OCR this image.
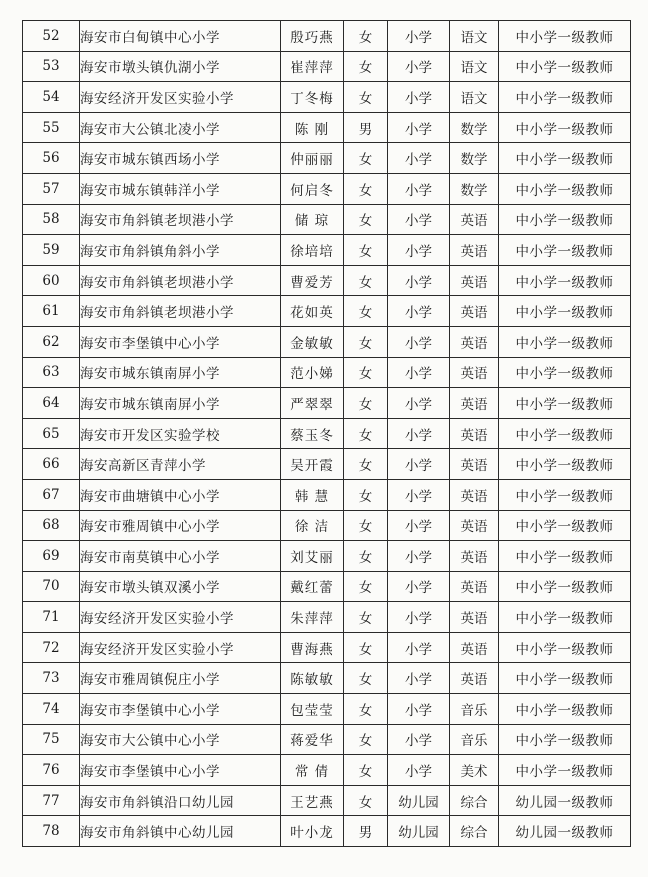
52	海安市白甸镇中心小学	殷巧燕	女	小学	语文	中小学一级教师
53	海安市墩头镇仇湖小学	崔萍萍	女	小学	语文	中小学一级教师
54	海安经济开发区实验小学	丁冬梅	女	小学	语文	中小学一级教师
55	海安市大公镇北凌小学	陈 刚	男	小学	数学	中小学一级教师
56	海安市城东镇西场小学	仲丽丽	女	小学	数学	中小学一级教师
57	海安市城东镇韩洋小学	何启冬	女	小学	数学	中小学一级教师
58	海安市角斜镇老坝港小学	储 琼	女	小学	英语	中小学一级教师
59	海安市角斜镇角斜小学	徐培培	女	小学	英语	中小学一级教师
60	海安市角斜镇老坝港小学	曹爱芳	女	小学	英语	中小学一级教师
61	海安市角斜镇老坝港小学	花如英	女	小学	英语	中小学一级教师
62	海安市李堡镇中心小学	金敏敏	女	小学	英语	中小学一级教师
63	海安市城东镇南屏小学	范小娣	女	小学	英语	中小学一级教师
64	海安市城东镇南屏小学	严翠翠	女	小学	英语	中小学一级教师
65	海安市开发区实验学校	蔡玉冬	女	小学	英语	中小学一级教师
66	海安高新区青萍小学	吴开霞	女	小学	英语	中小学一级教师
67	海安市曲塘镇中心小学	韩 慧	女	小学	英语	中小学一级教师
68	海安市雅周镇中心小学	徐 洁	女	小学	英语	中小学一级教师
69	海安市南莫镇中心小学	刘艾丽	女	小学	英语	中小学一级教师
70	海安市墩头镇双溪小学	戴红蕾	女	小学	英语	中小学一级教师
71	海安经济开发区实验小学	朱萍萍	女	小学	英语	中小学一级教师
72	海安经济开发区实验小学	曹海燕	女	小学	英语	中小学一级教师
73	海安市雅周镇倪庄小学	陈敏敏	女	小学	英语	中小学一级教师
74	海安市李堡镇中心小学	包莹莹	女	小学	音乐	中小学一级教师
75	海安市大公镇中心小学	蒋爱华	女	小学	音乐	中小学一级教师
76	海安市李堡镇中心小学	常 倩	女	小学	美术	中小学一级教师
77	海安市角斜镇沿口幼儿园	王艺燕	女	幼儿园	综合	幼儿园一级教师
78	海安市角斜镇中心幼儿园	叶小龙	男	幼儿园	综合	幼儿园一级教师
